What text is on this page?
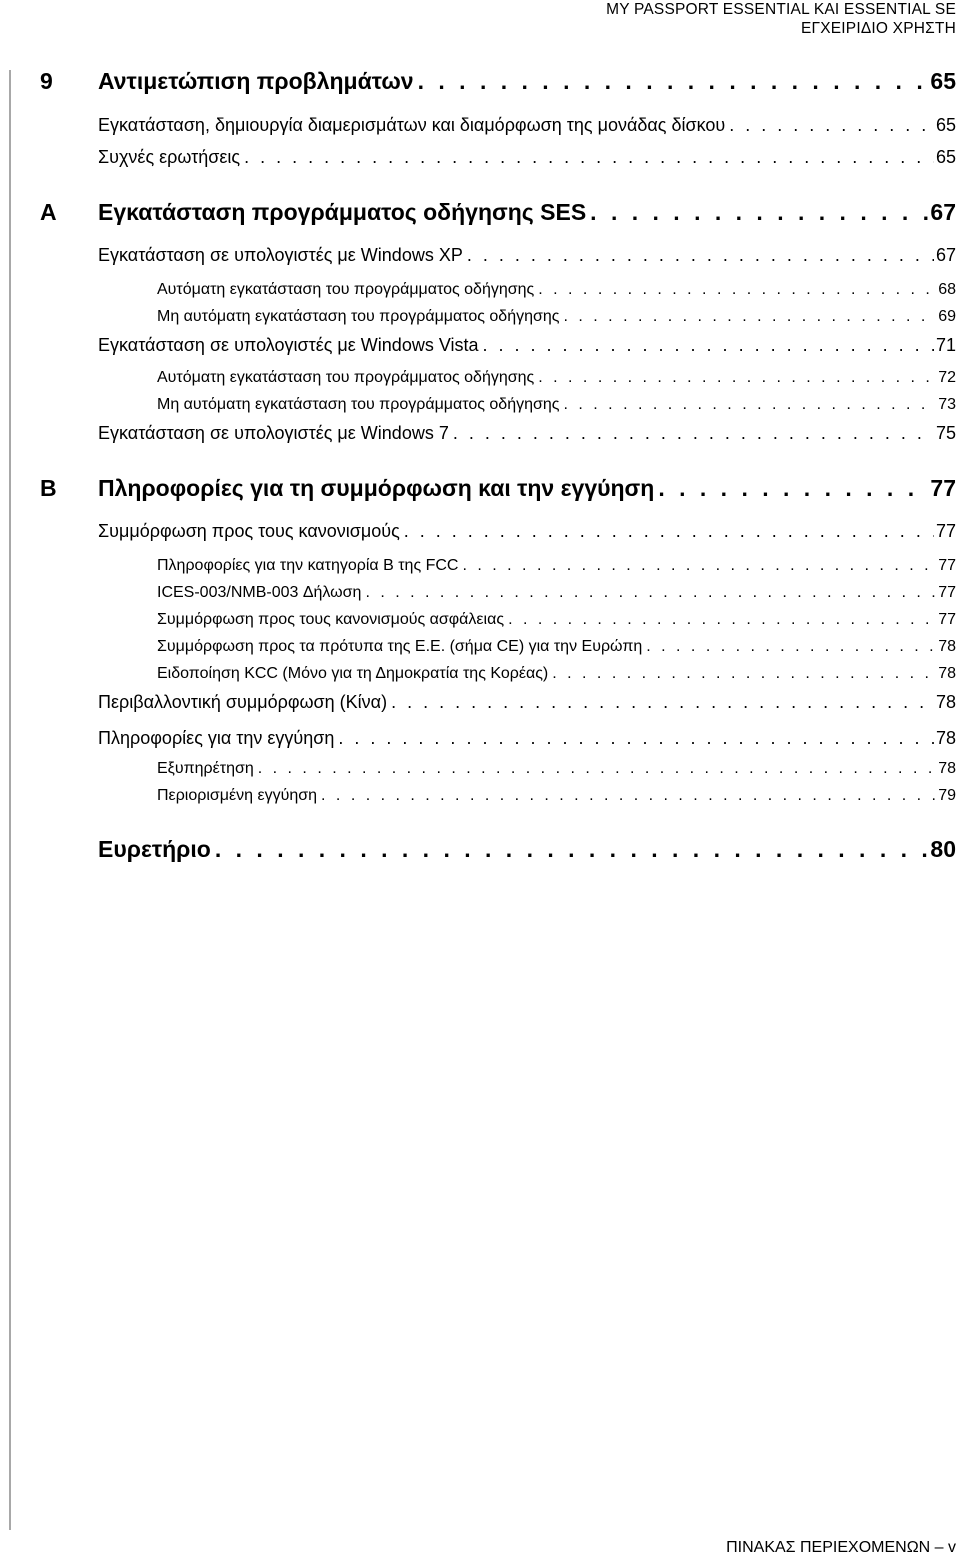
MY PASSPORT ESSENTIAL KAI ESSENTIAL SE
ΕΓΧΕΙΡΙΔΙΟ ΧΡΗΣΤΗ
9 Αντιμετώπιση προβλημάτων . . .	65
Εγκατάσταση, δημιουργία διαμερισμάτων και διαμόρφωση της μονάδας δίσκου . . .	65
Συχνές ερωτήσεις . . .	65
A Εγκατάσταση προγράμματος οδήγησης SES . . .	67
Εγκατάσταση σε υπολογιστές με Windows XP . . .	67
Αυτόματη εγκατάσταση του προγράμματος οδήγησης . . .	68
Μη αυτόματη εγκατάσταση του προγράμματος οδήγησης . . .	69
Εγκατάσταση σε υπολογιστές με Windows Vista . . .	71
Αυτόματη εγκατάσταση του προγράμματος οδήγησης . . .	72
Μη αυτόματη εγκατάσταση του προγράμματος οδήγησης . . .	73
Εγκατάσταση σε υπολογιστές με Windows 7 . . .	75
B Πληροφορίες για τη συμμόρφωση και την εγγύηση . . .	77
Συμμόρφωση προς τους κανονισμούς . . .	77
Πληροφορίες για την κατηγορία B της FCC . . .	77
ICES-003/NMB-003 Δήλωση . . .	77
Συμμόρφωση προς τους κανονισμούς ασφάλειας . . .	77
Συμμόρφωση προς τα πρότυπα της Ε.Ε. (σήμα CE) για την Ευρώπη . . .	78
Ειδοποίηση KCC (Μόνο για τη Δημοκρατία της Κορέας) . . .	78
Περιβαλλοντική συμμόρφωση (Κίνα) . . .	78
Πληροφορίες για την εγγύηση . . .	78
Εξυπηρέτηση . . .	78
Περιορισμένη εγγύηση . . .	79
Ευρετήριο . . .	80
ΠΙΝΑΚΑΣ ΠΕΡΙΕΧΟΜΕΝΩΝ – v
